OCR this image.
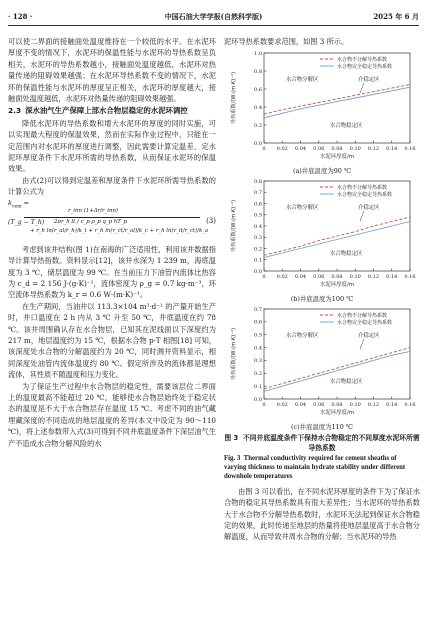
· 128 ·	中国石油大学学报(自然科学版)	2025 年 6 月

可以使二界面的接触面处温度维持在一个较低的水平。在水泥环厚度不变的情况下，水泥环的保温性能与水泥环的导热系数呈负相关，水泥环的导热系数越小，接触面处温度越低，水泥环对热量传递的阻碍效果越强；在水泥环导热系数不变的情况下，水泥环的保温性能与水泥环的厚度呈正相关，水泥环的厚度越大，接触面处温度越低，水泥环对热量传递的阻碍效果越强。

2.3 深水油气生产保障上部水合物层稳定的水泥环调控

降低水泥环的导热系数和增大水泥环的厚度的同时实施，可以实现最大程度的保温效果，然而在实际作业过程中，只能在一定范围内对水泥环的厚度进行调整，因此需要计算定温差、定水泥环厚度条件下水泥环所需的导热系数，从而保证水泥环的保温效果。

由式(2)可以得到定温差和厚度条件下水泥环所需导热系数的计算公式为

$k_{cem}$ =
r_inn (1+Δr/r_inn)
(T_g − T_h) 2πr_h lt / c_p ρ_p q_p hT_p
+ r_h ln(r_al/r_h)/k_t + r_h ln(r_ct/r_al)/k_c + r_h ln(r_it/r_ct)/k_a
(3)

考虑到该井结构(图 1)在南海的广泛适用性，利用该井数据指导计算导热指数。资料显示[12]，该井水深为 1 239 m，海底温度为 3 ℃，储层温度为 99 ℃。在当前压力下油管内流体比热容为 c_d = 2 156 J·(g·K)⁻¹，流体密度为 ρ_g = 0.7 kg·m⁻³，环空流体导热系数为 k_r = 0.6 W·(m·K)⁻¹。

在生产期间，当油井以 113.3×104 m³·d⁻¹ 的产量开始生产时，井口温度在 2 h 内从 3 ℃ 升至 50 ℃，井底温度在约 78 ℃。该井周围确认存在水合物层，已知其在泥线面以下深度约为 217 m，地层温度约为 15 ℃，根据水合物 p-T 相图[18] 可知，该深度处水合物的分解温度约为 20 ℃，同时测井资料显示，相同深度处油管内流体温度约 80 ℃。假定所涉及的流体都是理想流体，其性质不随温度和压力变化。

为了保证生产过程中水合物层的稳定性，需要该层位二界面上的温度最高不能超过 20 ℃，能够使水合物层始终处于稳定状态的温度是不大于水合物层存在温度 15 ℃。考虑不同的油气藏埋藏深度的不同造成的地层温度的差异(本文中设定为 90～110 ℃)，将上述参数带入式(3)可得到不同井底温度条件下深层油气生产不造成水合物分解风险的水

泥环导热系数要求范围，如图 3 所示。

0.0
0.2
0.4
0.6
0.8
1.0
0 0.02 0.04 0.06 0.08 0.10 0.12 0.14 0.16
水泥环厚度/m
导热系数/(W·(m·K)⁻¹)
水合物不分解导热系数
水合物完全稳定导热系数
水合物分解区	介稳定区
水合物稳定区
(a)井底温度为90 ℃
0.0
0.1
0.2
0.3
0.4
0.5
0.6
0.7
0.8
0 0.02 0.04 0.06 0.08 0.10 0.12 0.14 0.16
水泥环厚度/m
导热系数/(W·(m·K)⁻¹)
水合物不分解导热系数
水合物完全稳定导热系数
水合物分解区	介稳定区
水合物稳定区
(b)井底温度为100 ℃
0.0
0.1
0.2
0.3
0.4
0.5
0.6
0.7
0 0.02 0.04 0.06 0.08 0.10 0.12 0.14 0.16
水泥环厚度/m
导热系数/(W·(m·K)⁻¹)
水合物不分解导热系数
水合物完全稳定导热系数
水合物分解区	介稳定区
水合物稳定区
(c)井底温度为110 ℃
图 3 不同井底温度条件下保持水合物稳定的不同厚度水泥环所需导热系数
Fig. 3 Thermal conductivity required for cement sheaths of varying thickness to maintain hydrate stability under different downhole temperatures

由图 3 可以看出，在不同水泥环厚度的条件下为了保证水合物的稳定其导热系数具有很大差异性；当水泥环的导热系数大于水合物不分解导热系数时，水泥环无法起到保证水合物稳定的效果，此时传递至地层的热量将使地层温度高于水合物分解温度，从而导致井周水合物的分解；当水泥环的导热
